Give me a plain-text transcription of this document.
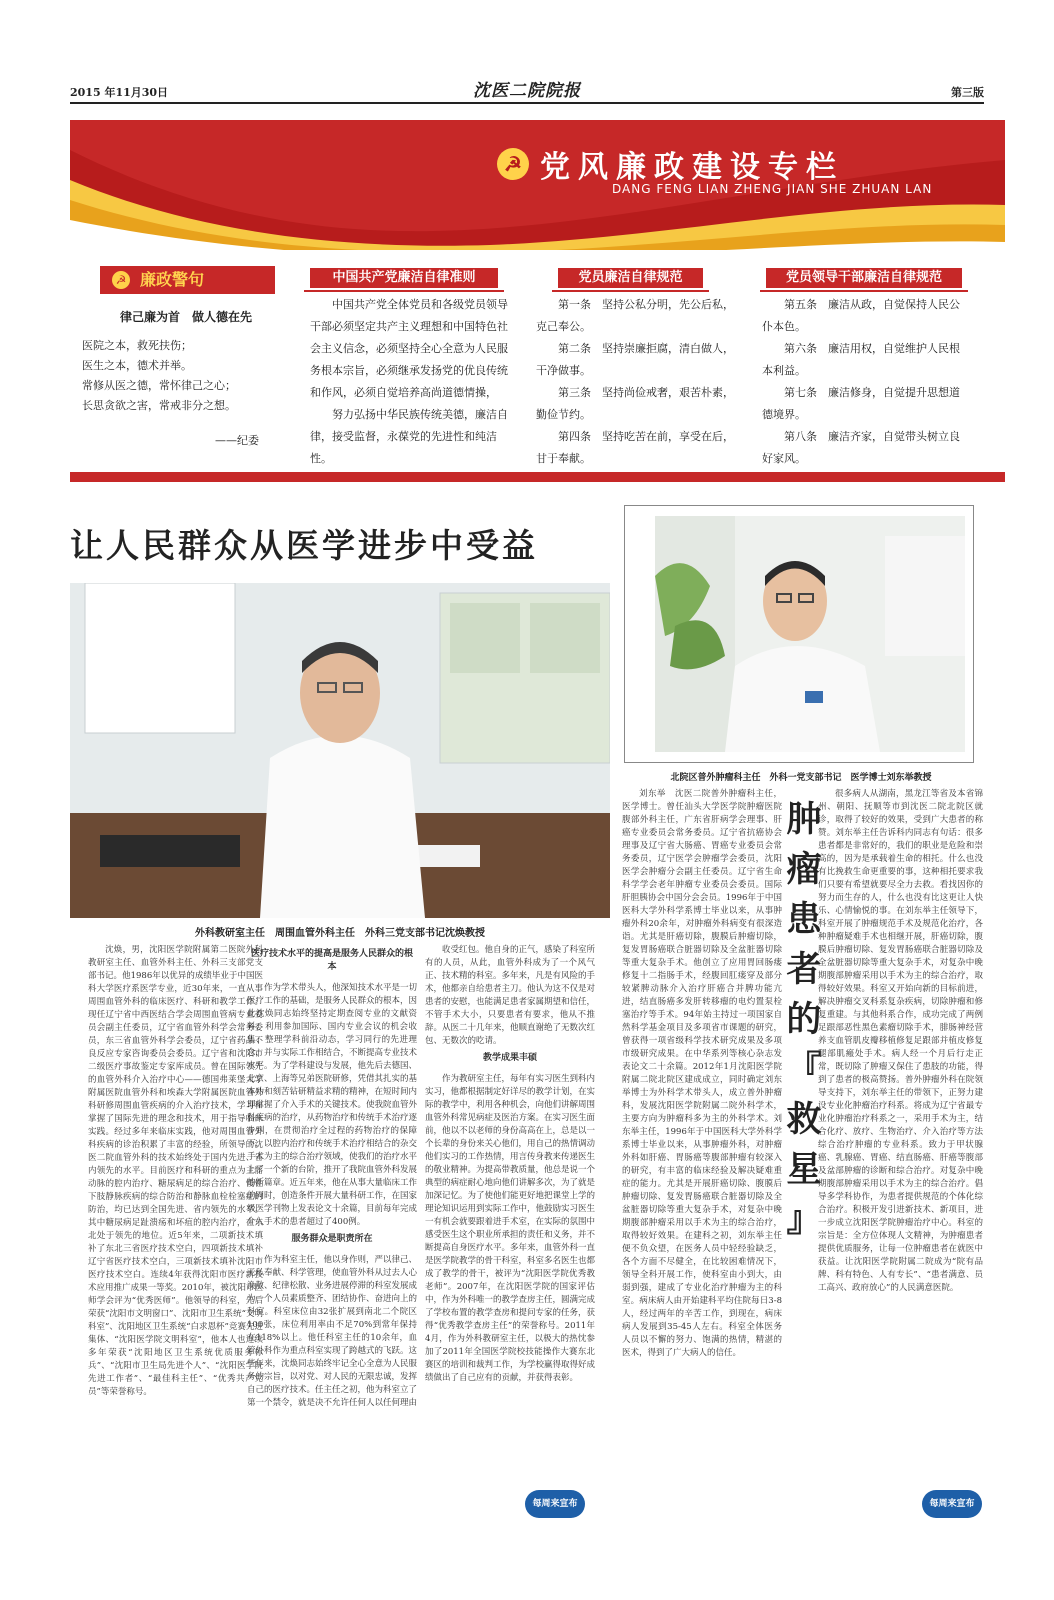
2015 年11月30日	沈医二院院报	第三版
☭ 党风廉政建设专栏
DANG FENG LIAN ZHENG JIAN SHE ZHUAN LAN
☭ 廉政警句
律己廉为首　做人德在先
医院之本，救死扶伤；
医生之本，德术并举。
常修从医之德，常怀律己之心；
长思贪欲之害，常戒非分之想。
——纪委
中国共产党廉洁自律准则
中国共产党全体党员和各级党员领导干部必须坚定共产主义理想和中国特色社会主义信念，必须坚持全心全意为人民服务根本宗旨，必须继承发扬党的优良传统和作风，必须自觉培养高尚道德情操，
努力弘扬中华民族传统美德，廉洁自律，接受监督，永葆党的先进性和纯洁性。
党员廉洁自律规范
第一条　坚持公私分明，先公后私，克己奉公。
第二条　坚持崇廉拒腐，清白做人，干净做事。
第三条　坚持尚俭戒奢，艰苦朴素，勤俭节约。
第四条　坚持吃苦在前，享受在后，甘于奉献。
党员领导干部廉洁自律规范
第五条　廉洁从政，自觉保持人民公仆本色。
第六条　廉洁用权，自觉维护人民根本利益。
第七条　廉洁修身，自觉提升思想道德境界。
第八条　廉洁齐家，自觉带头树立良好家风。
让人民群众从医学进步中受益
外科教研室主任　周围血管外科主任　外科三党支部书记沈焕教授

沈焕，男，沈阳医学院附属第二医院外科教研室主任、血管外科主任、外科三支部党支部书记。他1986年以优异的成绩毕业于中国医科大学医疗系医学专业，近30年来，一直从事周围血管外科的临床医疗、科研和教学工作。现任辽宁省中西医结合学会周围血管病专业委员会副主任委员，辽宁省血管外科学会常务委员，东三省血管外科学会委员，辽宁省药品不良反应专家咨询委员会委员。辽宁省和沈阳市二级医疗事故鉴定专家库成员。曾在国际领先的血管外科介入治疗中心——德国弗莱堡大学附属医院血管外科和埃森大学附属医院血管外科研修周围血管疾病的介入治疗技术，学习和掌握了国际先进的理念和技术，用于指导临床实践。经过多年来临床实践，他对周围血管外科疾病的诊治积累了丰富的经验，所领导的沈医二院血管外科的技术始终处于国内先进、省内领先的水平。目前医疗和科研的重点为主髂动脉的腔内治疗、糖尿病足的综合治疗、慢性下肢静脉疾病的综合防治和静脉血栓栓塞症的防治，均已达到全国先进、省内领先的水平。其中糖尿病足趾溃疡和坏疽的腔内治疗，在东北处于领先的地位。近5年来，二项新技术填补了东北三省医疗技术空白，四项新技术填补辽宁省医疗技术空白，三项新技术填补沈阳市医疗技术空白。连续4年获得沈阳市医疗新技术应用推广成果一等奖。2010年，被沈阳市医师学会评为“优秀医师”。他领导的科室，先后荣获“沈阳市文明窗口”、沈阳市卫生系统“文明科室”、沈阳地区卫生系统“白求恩杯”竞赛先进集体、“沈阳医学院文明科室”，他本人也连续多年荣获“沈阳地区卫生系统优质服务标兵”、“沈阳市卫生局先进个人”、“沈阳医学院先进工作者”、“最佳科主任”、“优秀共产党员”等荣誉称号。

医疗技术水平的提高是服务人民群众的根本

作为学术带头人，他深知技术水平是一切医疗工作的基础，是服务人民群众的根本，因此沈焕同志始终坚持定期查阅专业的文献资料，利用参加国际、国内专业会议的机会收集、整理学科前沿动态，学习同行的先进理念，并与实际工作相结合，不断提高专业技术水平。为了学科建设与发展，他先后去德国、北京、上海等兄弟医院研修，凭借其扎实的基本功和刻苦钻研精益求精的精神，在短时间内即掌握了介入手术的关键技术。使我院血管外科疾病的治疗，从药物治疗和传统手术治疗逐步到，在贯彻治疗全过程的药物治疗的保障下，以腔内治疗和传统手术治疗相结合的杂交手术为主的综合治疗领域，使我们的治疗水平上了一个新的台阶，推开了我院血管外科发展的新篇章。近五年来，他在从事大量临床工作的同时，创造条件开展大量科研工作，在国家级医学刊物上发表论文十余篇，目前每年完成介入手术的患者超过了400例。

服务群众是职责所在

作为科室主任，他以身作则，严以律己、无私奉献、科学管理，使血管外科从过去人心涣散、纪律松散、业务进展停滞的科室发展成为一个人员素质整齐、团结协作、奋进向上的科室。科室床位由32张扩展到南北二个院区100张，床位利用率由不足70%到常年保持在118%以上。他任科室主任的10余年，血管外科作为重点科室实现了跨越式的飞跃。这些年来，沈焕同志始终牢记全心全意为人民服务的宗旨，以对党、对人民的无限忠诚，发挥自己的医疗技术。任主任之初，他为科室立了第一个禁令，就是决不允许任何人以任何理由

收受红包。他自身的正气，感染了科室所有的人员，从此，血管外科成为了一个风气正、技术精的科室。多年来，凡是有风险的手术，他都亲自给患者主刀。他认为这不仅是对患者的安慰，也能满足患者家属期望和信任，不管手术大小，只要患者有要求，他从不推辞。从医二十几年来，他顺直谢绝了无数次红包、无数次的吃请。

教学成果丰硕

作为教研室主任，每年有实习医生到科内实习，他都根据制定好详尽的教学计划，在实际的教学中，利用各种机会，向他们讲解周围血管外科常见病症及医治方案。在实习医生面前，他以不以老师的身份高高在上，总是以一个长辈的身份来关心他们，用自己的热情调动他们实习的工作热情，用言传身教来传递医生的敬业精神。为提高带教质量，他总是说一个典型的病症耐心地向他们讲解多次，为了就是加深记忆。为了使他们能更好地把课堂上学的理论知识运用到实际工作中，他鼓励实习医生一有机会就要跟着进手术室，在实际的氛围中感受医生这个职业所承担的责任和义务，并不断提高自身医疗水平。多年来，血管外科一直是医学院教学的骨干科室，科室多名医生也都成了教学的骨干，被评为“沈阳医学院优秀教老师”。2007年，在沈阳医学院的国家评估中，作为外科唯一的教学查房主任，圆满完成了学校布置的教学查房和提问专家的任务，获得“优秀教学查房主任”的荣誉称号。2011年4月，作为外科教研室主任，以极大的热忱参加了2011年全国医学院校技能操作大赛东北赛区的培训和裁判工作，为学校赢得取得好成绩做出了自己应有的贡献，并获得表彰。

每周来宣布
北院区普外肿瘤科主任　外科一党支部书记　医学博士刘东举教授
肿
瘤
患
者
的
『
救
星
』

刘东举　沈医二院普外肿瘤科主任，医学博士。曾任汕头大学医学院肿瘤医院腹部外科主任，广东省肝病学会理事、肝癌专业委员会常务委员。辽宁省抗癌协会理事及辽宁省大肠癌、胃癌专业委员会常务委员，辽宁医学会肿瘤学会委员，沈阳医学会肿瘤分会副主任委员。辽宁省生命科学学会老年肿瘤专业委员会委员。国际肝胆胰协会中国分会会员。1996年于中国医科大学外科学系博士毕业以来，从事肿瘤外科20余年，对肿瘤外科病变有很深造诣。尤其是肝癌切除，腹膜后肿瘤切除，复发胃肠癌联合脏器切除及全盆脏器切除等重大复杂手术。他创立了应用胃回肠瘘修复十二指肠手术，经腹回肛瘘穿及部分较紧脾动脉介入治疗肝癌合并脾功能亢进，结直肠癌多发肝转移瘤的电灼置泵栓塞治疗等手术。94年始主持过一项国家自然科学基金项目及多项省市课题的研究，曾获得一项省级科学技术研究成果及多项市级研究成果。在中华系列等核心杂志发表论文二十余篇。2012年1月沈阳医学院附属二院北院区建成成立，同时确定刘东举博士为外科学术带头人，成立普外肿瘤科，发展沈阳医学院附属二院外科学术，主要方向为肿瘤科多为主的外科学术。刘东举主任，1996年于中国医科大学外科学系博士毕业以来，从事肿瘤外科，对肿瘤外科如肝癌、胃肠癌等腹部肿瘤有较深入的研究，有丰富的临床经验及解决疑难重症的能力。尤其是开展肝癌切除、腹膜后肿瘤切除、复发胃肠癌联合脏器切除及全盆脏器切除等重大复杂手术，对复杂中晚期腹部肿瘤采用以手术为主的综合治疗，取得较好效果。在建科之初，刘东举主任便不负众望，在医务人员中轻经验缺乏，各个方面不尽健全，在比较困难情况下，领导全科开展工作，使科室由小到大，由弱到强，建成了专业化治疗肿瘤为主的科室。病床病人由开始建科平均住院每日3-8人，经过两年的辛苦工作，到现在，病床病人发展到35-45人左右。科室全体医务人员以不懈的努力、饱满的热情，精湛的医术，得到了广大病人的信任。

很多病人从湖南，黑龙江等省及本省锦州、朝阳、抚顺等市到沈医二院北院区就诊，取得了较好的效果，受到广大患者的称赞。刘东举主任告诉科内同志有句话：很多患者都是非常好的，我们的职业是危险和崇高的，因为是承载着生命的相托。什么也没有比挽救生命更重要的事，这种相托要求我们只要有希望就要尽全力去救。看找因你的努力而生存的人，什么也没有比这更让人快乐、心情愉悦的事。在刘东举主任领导下，科室开展了肿瘤规范手术及规范化治疗，各种肿瘤疑难手术也相继开展，肝癌切除，腹膜后肿瘤切除、复发胃肠癌联合脏器切除及全盆脏器切除等重大复杂手术，对复杂中晚期腹部肿瘤采用以手术为主的综合治疗，取得较好效果。科室又开始向新的目标前进，解决肿瘤交叉科系复杂疾病，切除肿瘤和修复重建。与其他科系合作，成功完成了两例足跟部恶性黑色素瘤切除手术，腓肠神经营养支血管肌皮瓣移植修复足跟部并植皮修复腿部肌瘢处手术。病人经一个月后行走正常，既切除了肿瘤又保住了患肢的功能，得到了患者的极高赞扬。普外肿瘤外科在院领导支持下，刘东举主任的带领下，正努力建设专业化肿瘤治疗科系。将成为辽宁省最专业化肿瘤治疗科系之一，采用手术为主，结合化疗、放疗、生物治疗、介入治疗等方法综合治疗肿瘤的专业科系。致力于甲状腺癌、乳腺癌、胃癌、结直肠癌、肝癌等腹部及盆部肿瘤的诊断和综合治疗。对复杂中晚期腹部肿瘤采用以手术为主的综合治疗。倡导多学科协作，为患者提供规范的个体化综合治疗。积极开发引进新技术、新项目，进一步成立沈阳医学院肿瘤治疗中心。科室的宗旨是：全方位体现人文精神，为肿瘤患者提供优质服务，让每一位肿瘤患者在就医中获益。让沈阳医学院附属二院成为“院有品牌、科有特色、人有专长”、“患者满意、员工高兴、政府放心”的人民满意医院。

每周来宣布
